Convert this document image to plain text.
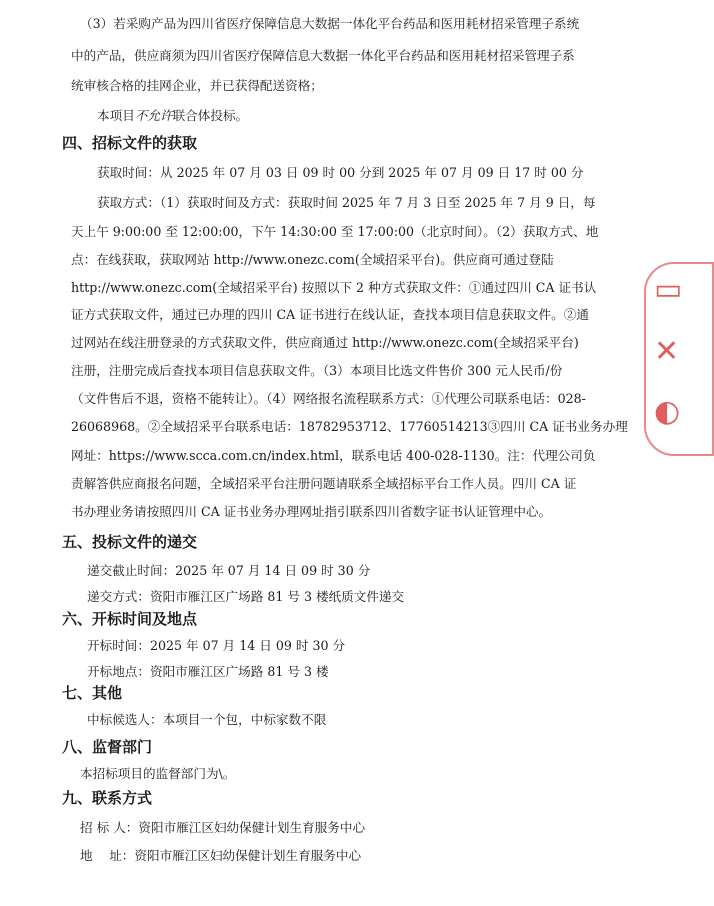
（3）若采购产品为四川省医疗保障信息大数据一体化平台药品和医用耗材招采管理子系统
中的产品，供应商须为四川省医疗保障信息大数据一体化平台药品和医用耗材招采管理子系
统审核合格的挂网企业，并已获得配送资格；
本项目不允许联合体投标。
四、招标文件的获取
获取时间：从 2025 年 07 月 03 日 09 时 00 分到 2025 年 07 月 09 日 17 时 00 分
获取方式：（1）获取时间及方式：获取时间 2025 年 7 月 3 日至 2025 年 7 月 9 日，每
天上午 9:00:00 至 12:00:00，下午 14:30:00 至 17:00:00（北京时间）。（2）获取方式、地
点：在线获取，获取网站 http://www.onezc.com(全域招采平台)。供应商可通过登陆
http://www.onezc.com(全域招采平台) 按照以下 2 种方式获取文件：①通过四川 CA 证书认
证方式获取文件，通过已办理的四川 CA 证书进行在线认证，查找本项目信息获取文件。②通
过网站在线注册登录的方式获取文件，供应商通过 http://www.onezc.com(全域招采平台)
注册，注册完成后查找本项目信息获取文件。（3）本项目比选文件售价 300 元人民币/份
（文件售后不退，资格不能转让）。（4）网络报名流程联系方式：①代理公司联系电话：028-
26068968。②全域招采平台联系电话：18782953712、17760514213③四川 CA 证书业务办理
网址：https://www.scca.com.cn/index.html，联系电话 400-028-1130。注：代理公司负
责解答供应商报名问题，全域招采平台注册问题请联系全域招标平台工作人员。四川 CA 证
书办理业务请按照四川 CA 证书业务办理网址指引联系四川省数字证书认证管理中心。
五、投标文件的递交
递交截止时间：2025 年 07 月 14 日 09 时 30 分
递交方式：资阳市雁江区广场路 81 号 3 楼纸质文件递交
六、开标时间及地点
开标时间：2025 年 07 月 14 日 09 时 30 分
开标地点：资阳市雁江区广场路 81 号 3 楼
七、其他
中标候选人：本项目一个包，中标家数不限
八、监督部门
本招标项目的监督部门为\。
九、联系方式
招 标 人：资阳市雁江区妇幼保健计划生育服务中心
地　 址：资阳市雁江区妇幼保健计划生育服务中心
▭
✕
◐
